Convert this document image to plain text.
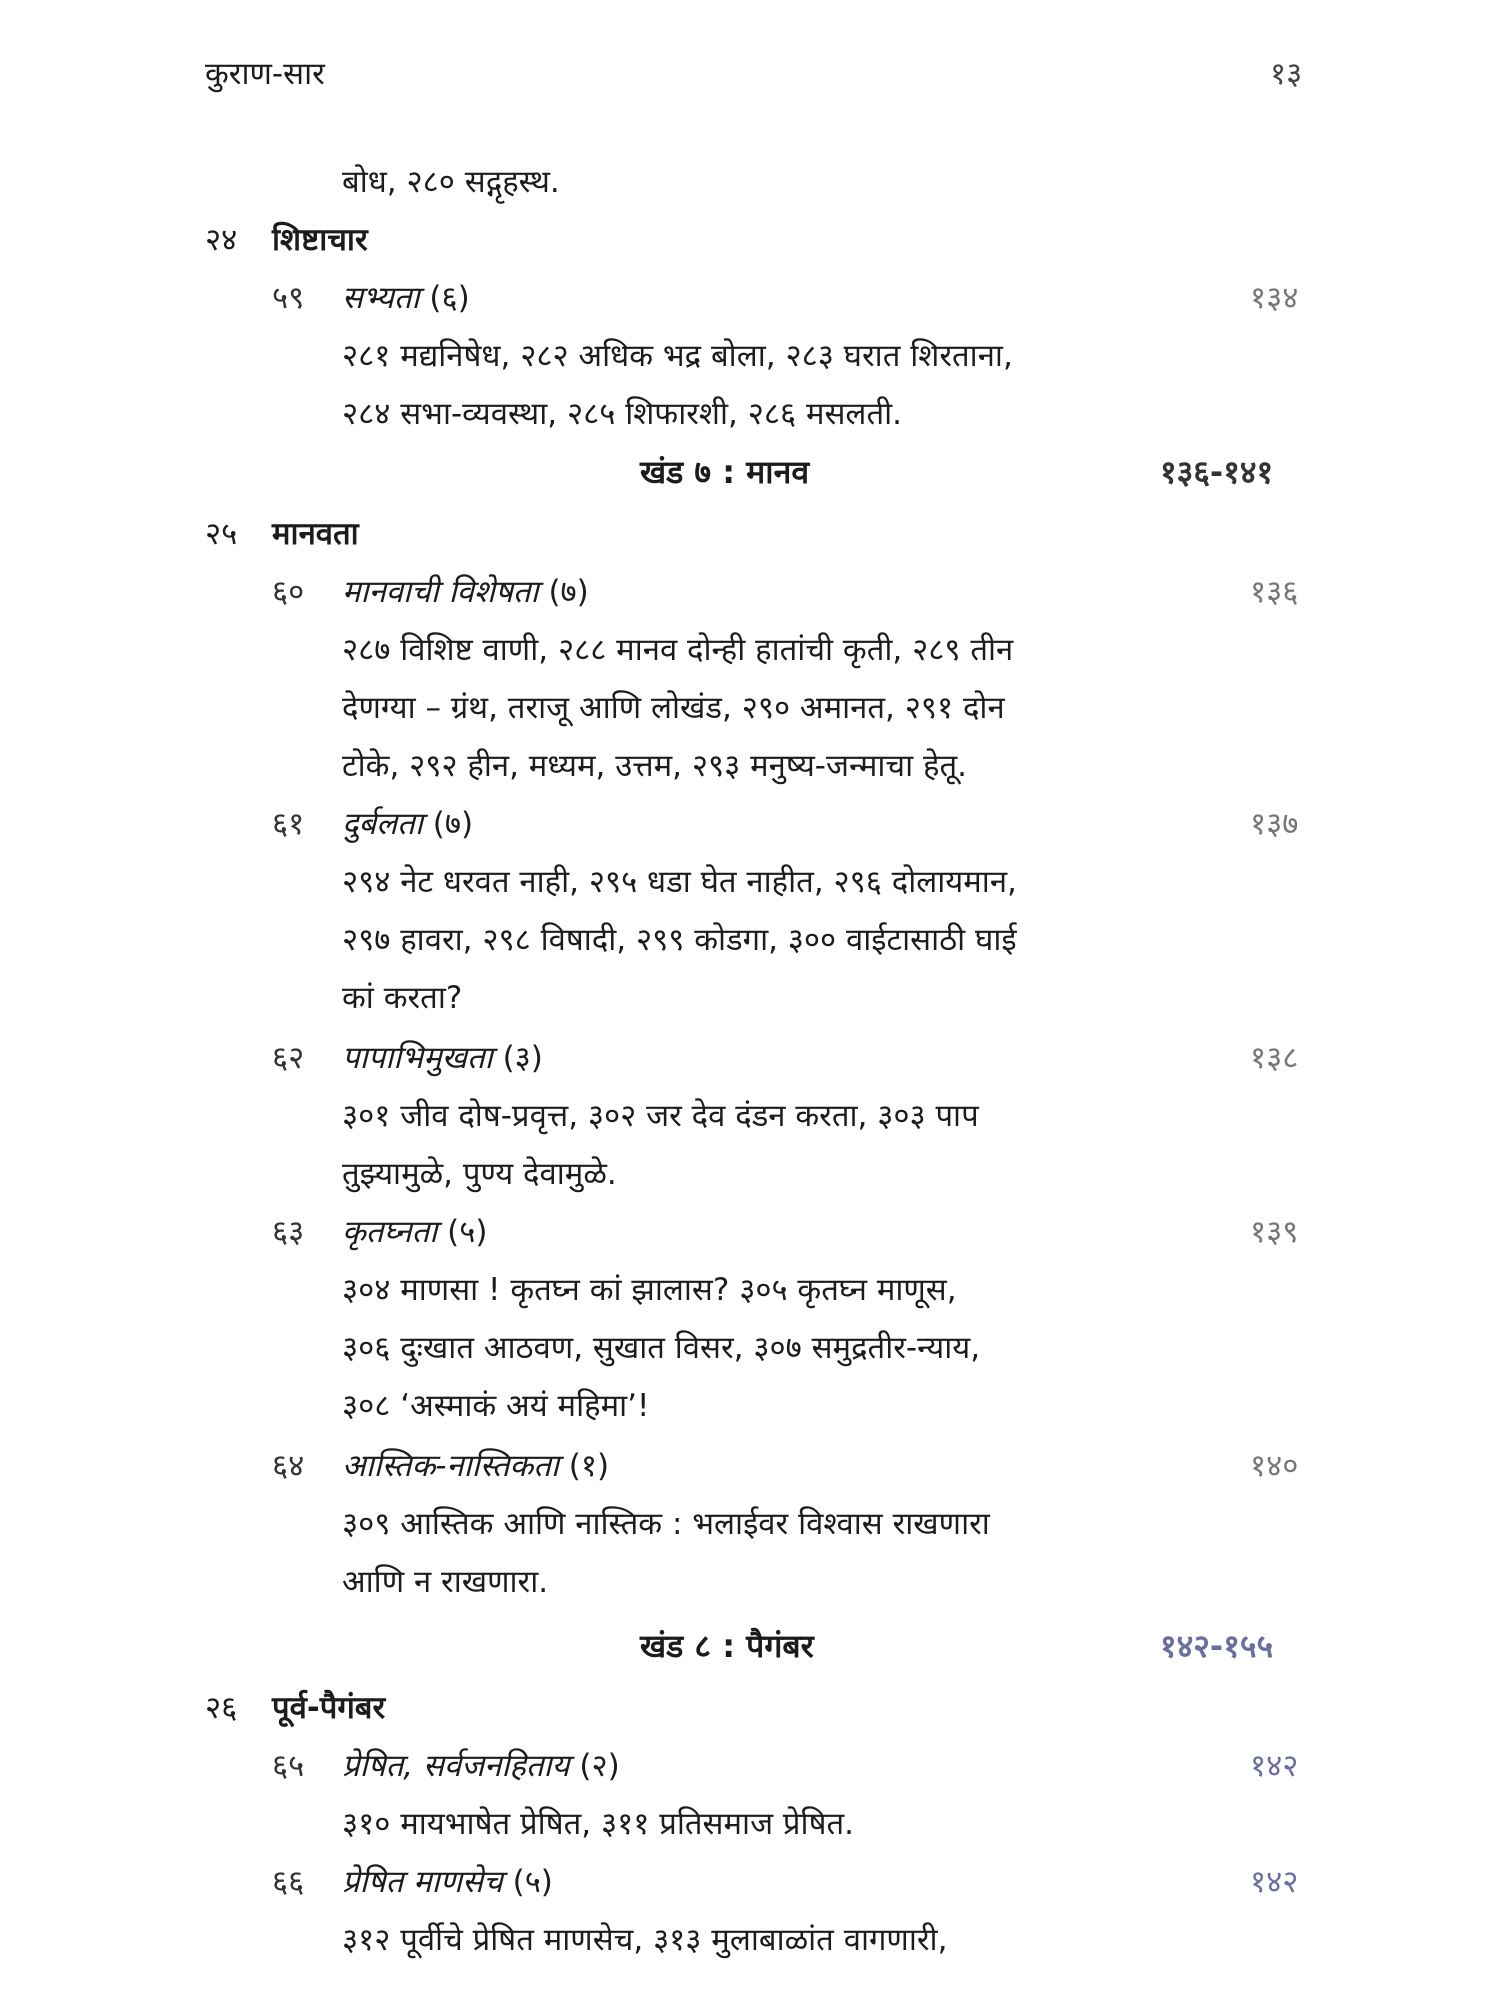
कुराण-सार	१३
बोध, २८० सद्गृहस्थ.
२४ शिष्टाचार
५९ सभ्यता (६)	१३४
२८१ मद्यनिषेध, २८२ अधिक भद्र बोला, २८३ घरात शिरताना,
२८४ सभा-व्यवस्था, २८५ शिफारशी, २८६ मसलती.
खंड ७ : मानव	१३६-१४१
२५ मानवता
६० मानवाची विशेषता (७)	१३६
२८७ विशिष्ट वाणी, २८८ मानव दोन्ही हातांची कृती, २८९ तीन
देणग्या – ग्रंथ, तराजू आणि लोखंड, २९० अमानत, २९१ दोन
टोके, २९२ हीन, मध्यम, उत्तम, २९३ मनुष्य-जन्माचा हेतू.
६१ दुर्बलता (७)	१३७
२९४ नेट धरवत नाही, २९५ धडा घेत नाहीत, २९६ दोलायमान,
२९७ हावरा, २९८ विषादी, २९९ कोडगा, ३०० वाईटासाठी घाई
कां करता?
६२ पापाभिमुखता (३)	१३८
३०१ जीव दोष-प्रवृत्त, ३०२ जर देव दंडन करता, ३०३ पाप
तुझ्यामुळे, पुण्य देवामुळे.
६३ कृतघ्नता (५)	१३९
३०४ माणसा ! कृतघ्न कां झालास? ३०५ कृतघ्न माणूस,
३०६ दुःखात आठवण, सुखात विसर, ३०७ समुद्रतीर-न्याय,
३०८ ‘अस्माकं अयं महिमा’!
६४ आस्तिक-नास्तिकता (१)	१४०
३०९ आस्तिक आणि नास्तिक : भलाईवर विश्वास राखणारा
आणि न राखणारा.
खंड ८ : पैगंबर	१४२-१५५
२६ पूर्व-पैगंबर
६५ प्रेषित, सर्वजनहिताय (२)	१४२
३१० मायभाषेत प्रेषित, ३११ प्रतिसमाज प्रेषित.
६६ प्रेषित माणसेच (५)	१४२
३१२ पूर्वीचे प्रेषित माणसेच, ३१३ मुलाबाळांत वागणारी,
